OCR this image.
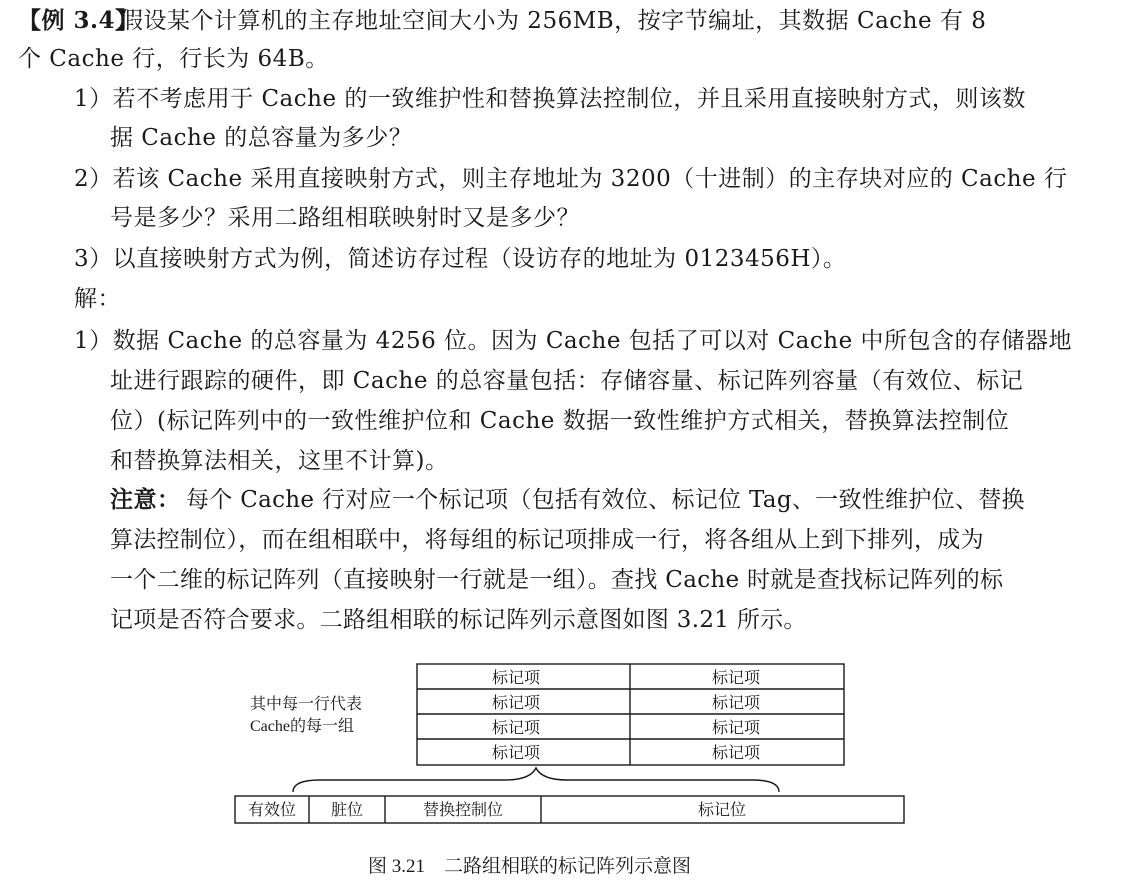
【例 3.4】
假设某个计算机的主存地址空间大小为 256MB，按字节编址，其数据 Cache 有 8
个 Cache 行，行长为 64B。
1）若不考虑用于 Cache 的一致维护性和替换算法控制位，并且采用直接映射方式，则该数
据 Cache 的总容量为多少？
2）若该 Cache 采用直接映射方式，则主存地址为 3200（十进制）的主存块对应的 Cache 行
号是多少？采用二路组相联映射时又是多少？
3）以直接映射方式为例，简述访存过程（设访存的地址为 0123456H）。
解：
1）数据 Cache 的总容量为 4256 位。因为 Cache 包括了可以对 Cache 中所包含的存储器地
址进行跟踪的硬件，即 Cache 的总容量包括：存储容量、标记阵列容量（有效位、标记
位）(标记阵列中的一致性维护位和 Cache 数据一致性维护方式相关，替换算法控制位
和替换算法相关，这里不计算)。
注意： 每个 Cache 行对应一个标记项（包括有效位、标记位 Tag、一致性维护位、替换
算法控制位），而在组相联中，将每组的标记项排成一行，将各组从上到下排列，成为
一个二维的标记阵列（直接映射一行就是一组）。查找 Cache 时就是查找标记阵列的标
记项是否符合要求。二路组相联的标记阵列示意图如图 3.21 所示。
其中每一行代表
Cache的每一组
标记项	标记项
标记项	标记项
标记项	标记项
标记项	标记项
有效位 脏位	替换控制位	标记位
图 3.21    二路组相联的标记阵列示意图
